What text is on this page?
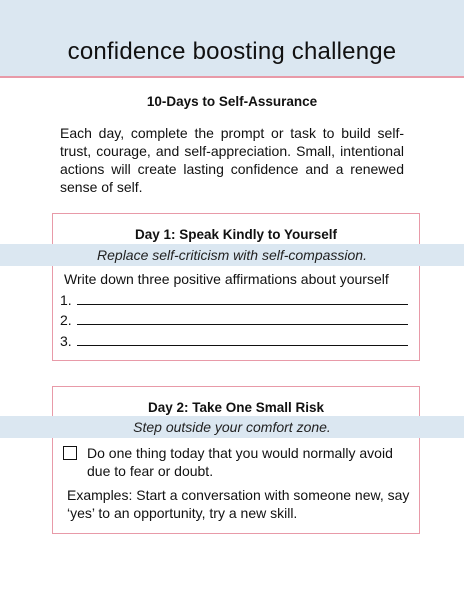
confidence boosting challenge
10-Days to Self-Assurance
Each day, complete the prompt or task to build self-trust, courage, and self-appreciation. Small, intentional actions will create lasting confidence and a renewed sense of self.
Day 1: Speak Kindly to Yourself
Replace self-criticism with self-compassion.
Write down three positive affirmations about yourself
1.
2.
3.
Day 2: Take One Small Risk
Step outside your comfort zone.
Do one thing today that you would normally avoid due to fear or doubt.
Examples: Start a conversation with someone new, say ‘yes’ to an opportunity, try a new skill.
